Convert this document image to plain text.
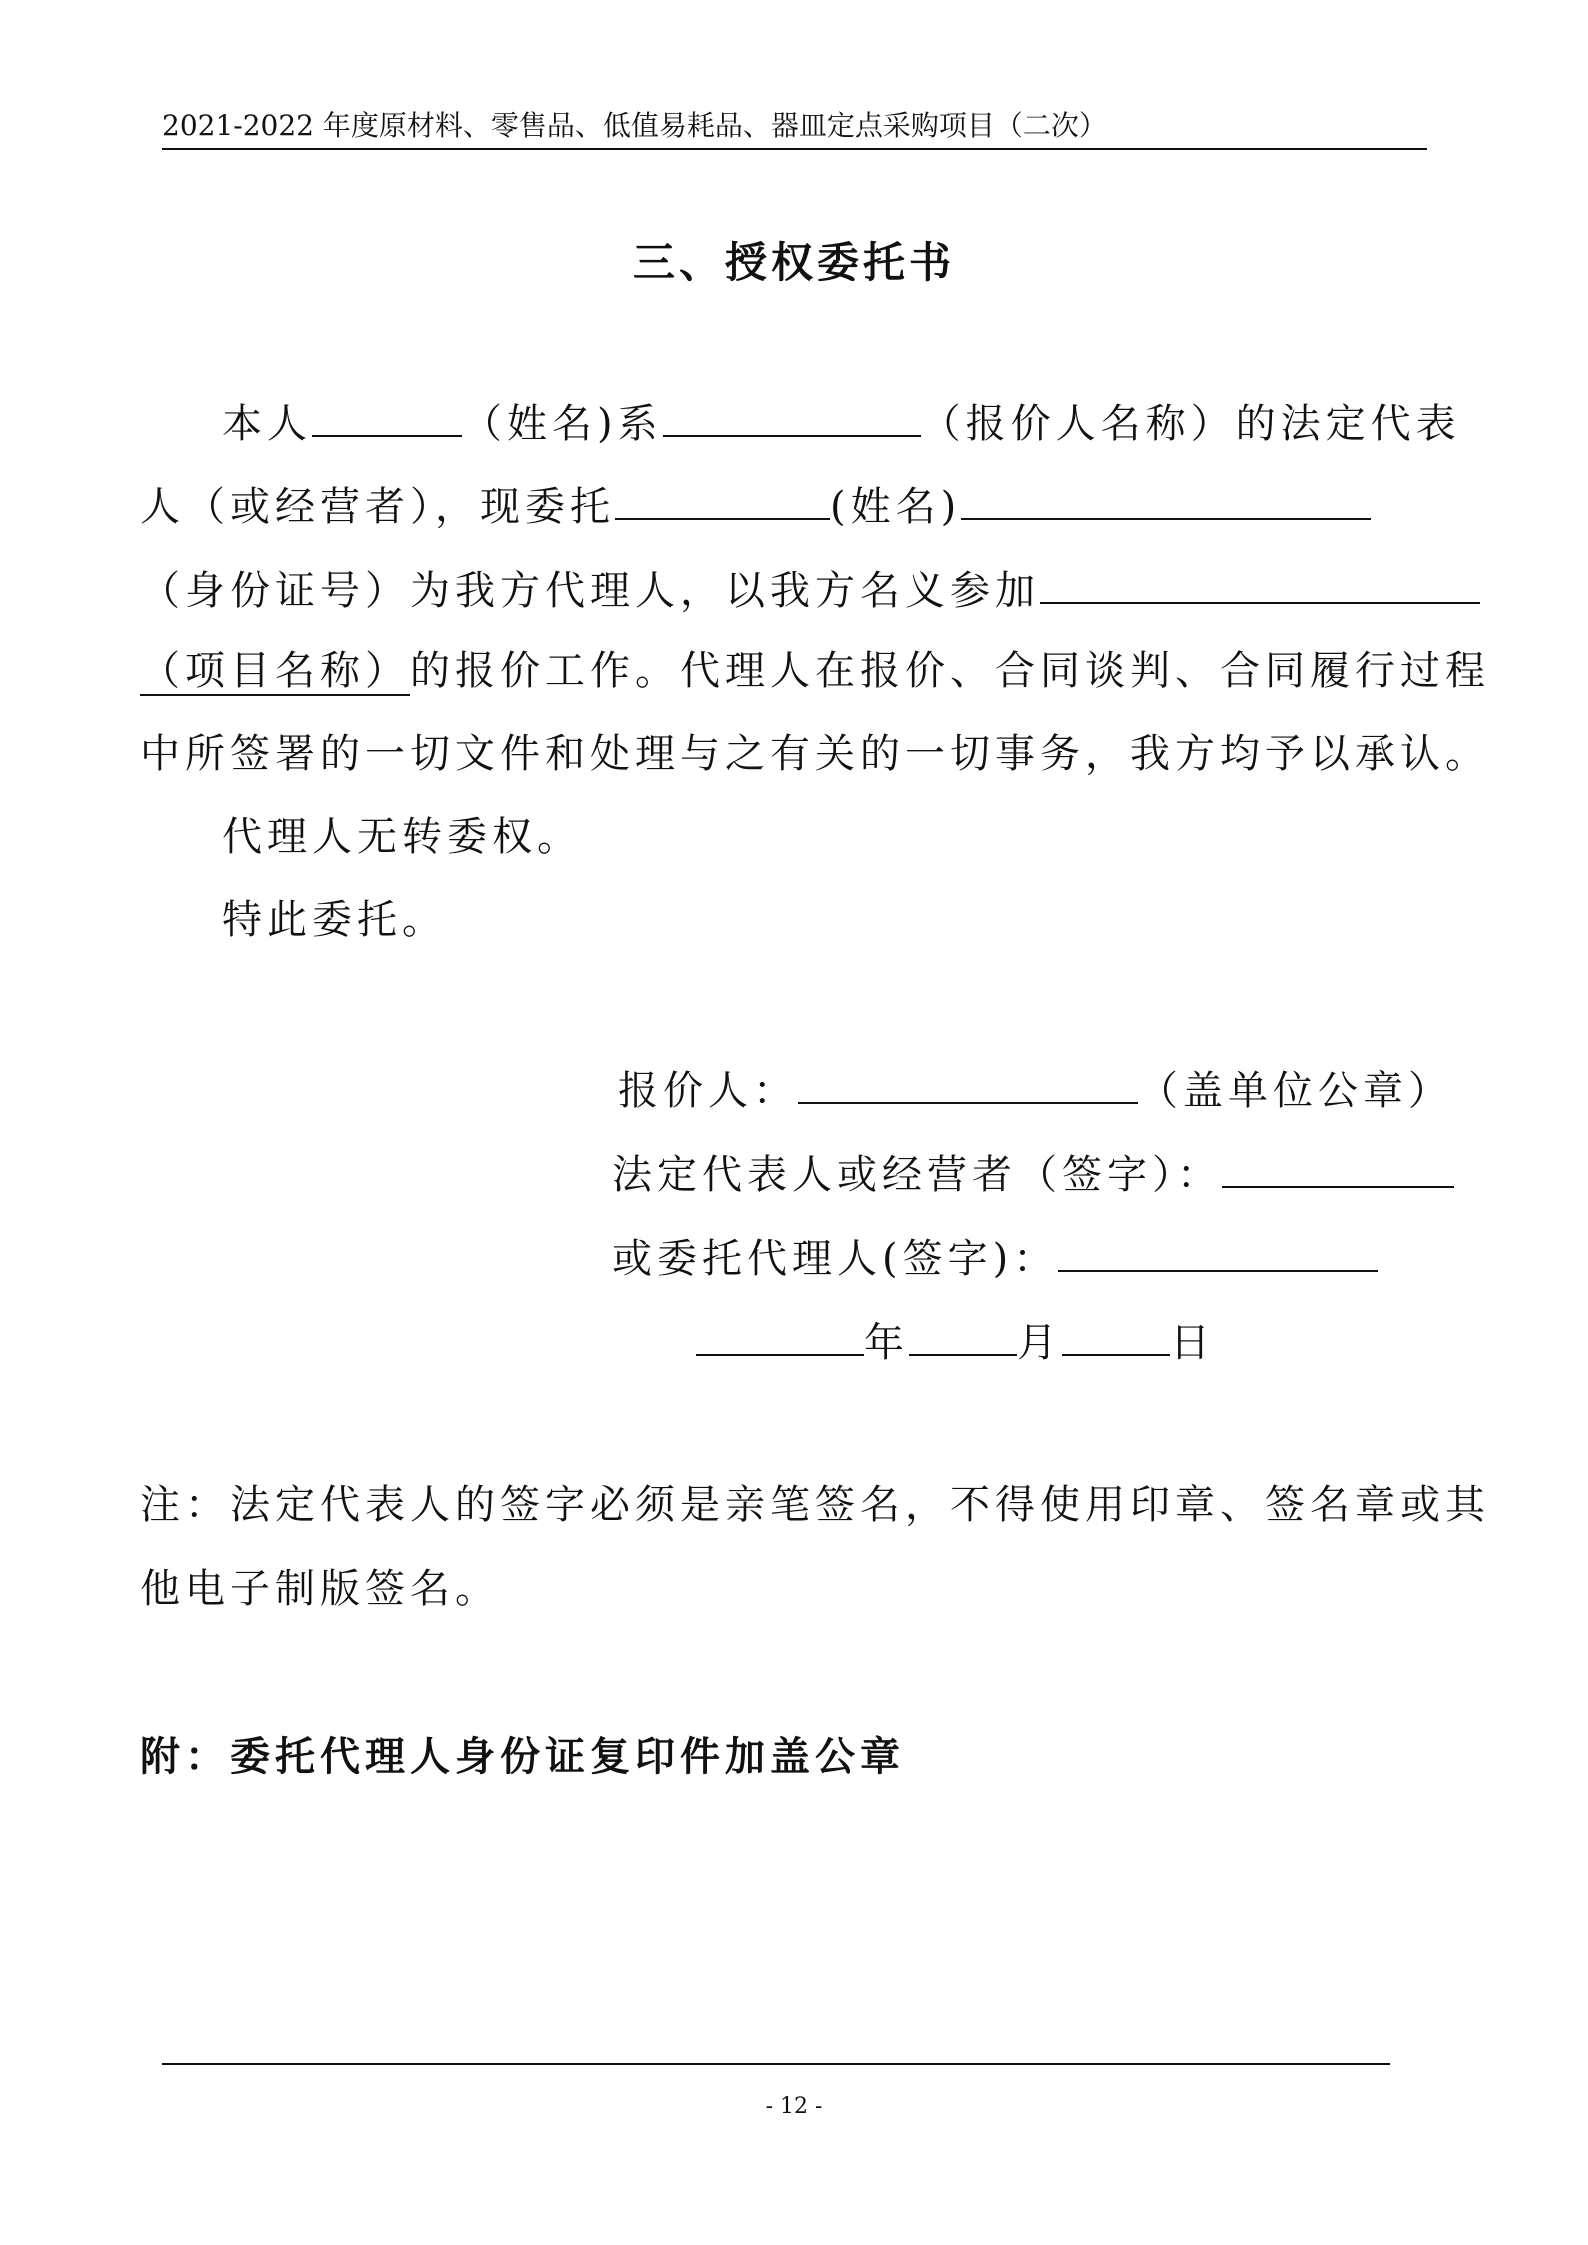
2021-2022 年度原材料、零售品、低值易耗品、器皿定点采购项目（二次）
三、授权委托书
本人	（姓名)系	（报价人名称）的法定代表
人（或经营者），现委托	(姓名)
（身份证号）为我方代理人，以我方名义参加
（项目名称）的报价工作。代理人在报价、合同谈判、合同履行过程
中所签署的一切文件和处理与之有关的一切事务，我方均予以承认。
代理人无转委权。
特此委托。
报价人：	（盖单位公章）
法定代表人或经营者（签字）：
或委托代理人(签字)：
年	月	日
注：法定代表人的签字必须是亲笔签名，不得使用印章、签名章或其
他电子制版签名。
附：委托代理人身份证复印件加盖公章
- 12 -
